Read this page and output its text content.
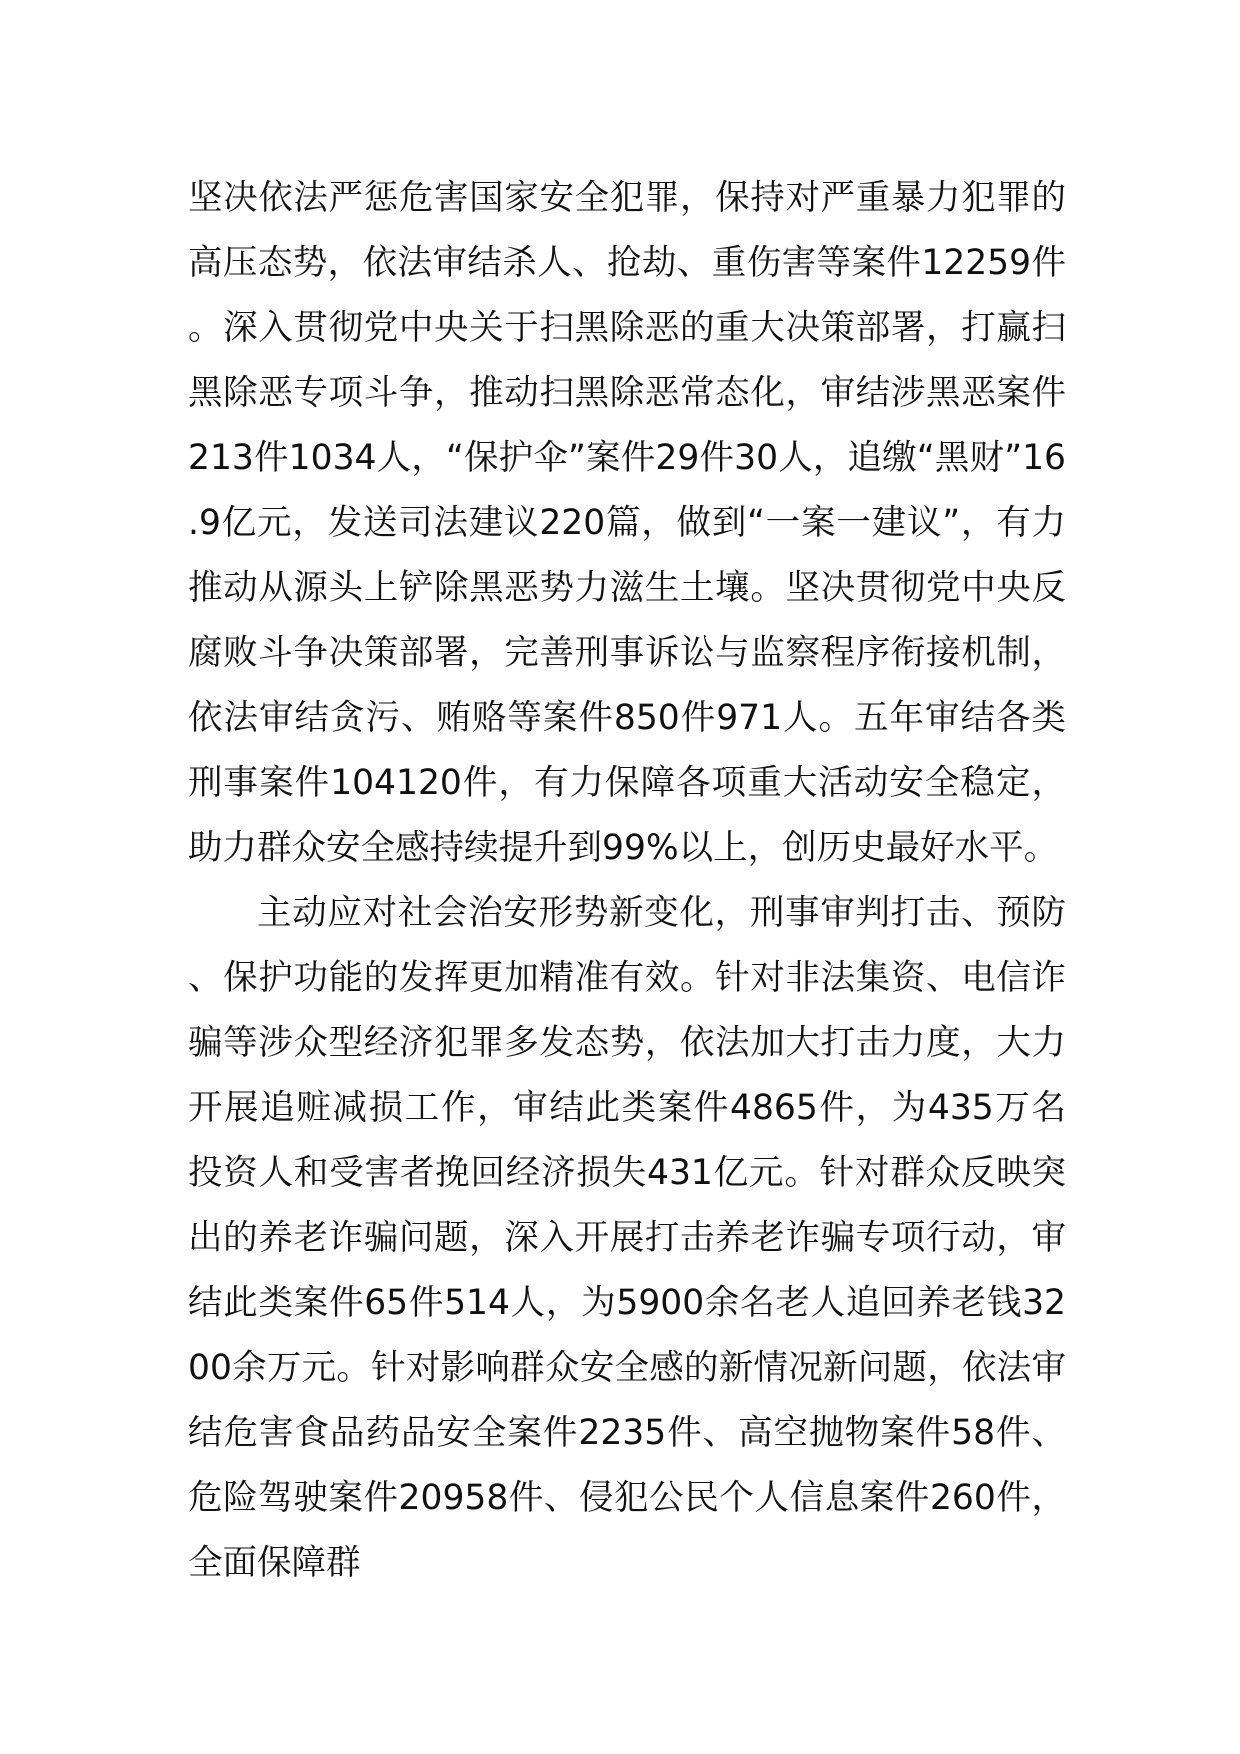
坚决依法严惩危害国家安全犯罪，保持对严重暴力犯罪的高压态势，依法审结杀人、抢劫、重伤害等案件12259件。深入贯彻党中央关于扫黑除恶的重大决策部署，打赢扫黑除恶专项斗争，推动扫黑除恶常态化，审结涉黑恶案件213件1034人，“保护伞”案件29件30人，追缴“黑财”16.9亿元，发送司法建议220篇，做到“一案一建议”，有力推动从源头上铲除黑恶势力滋生土壤。坚决贯彻党中央反腐败斗争决策部署，完善刑事诉讼与监察程序衔接机制，依法审结贪污、贿赂等案件850件971人。五年审结各类刑事案件104120件，有力保障各项重大活动安全稳定，助力群众安全感持续提升到99%以上，创历史最好水平。

主动应对社会治安形势新变化，刑事审判打击、预防、保护功能的发挥更加精准有效。针对非法集资、电信诈骗等涉众型经济犯罪多发态势，依法加大打击力度，大力开展追赃减损工作，审结此类案件4865件，为435万名投资人和受害者挽回经济损失431亿元。针对群众反映突出的养老诈骗问题，深入开展打击养老诈骗专项行动，审结此类案件65件514人，为5900余名老人追回养老钱3200余万元。针对影响群众安全感的新情况新问题，依法审结危害食品药品安全案件2235件、高空抛物案件58件、危险驾驶案件20958件、侵犯公民个人信息案件260件，全面保障群
